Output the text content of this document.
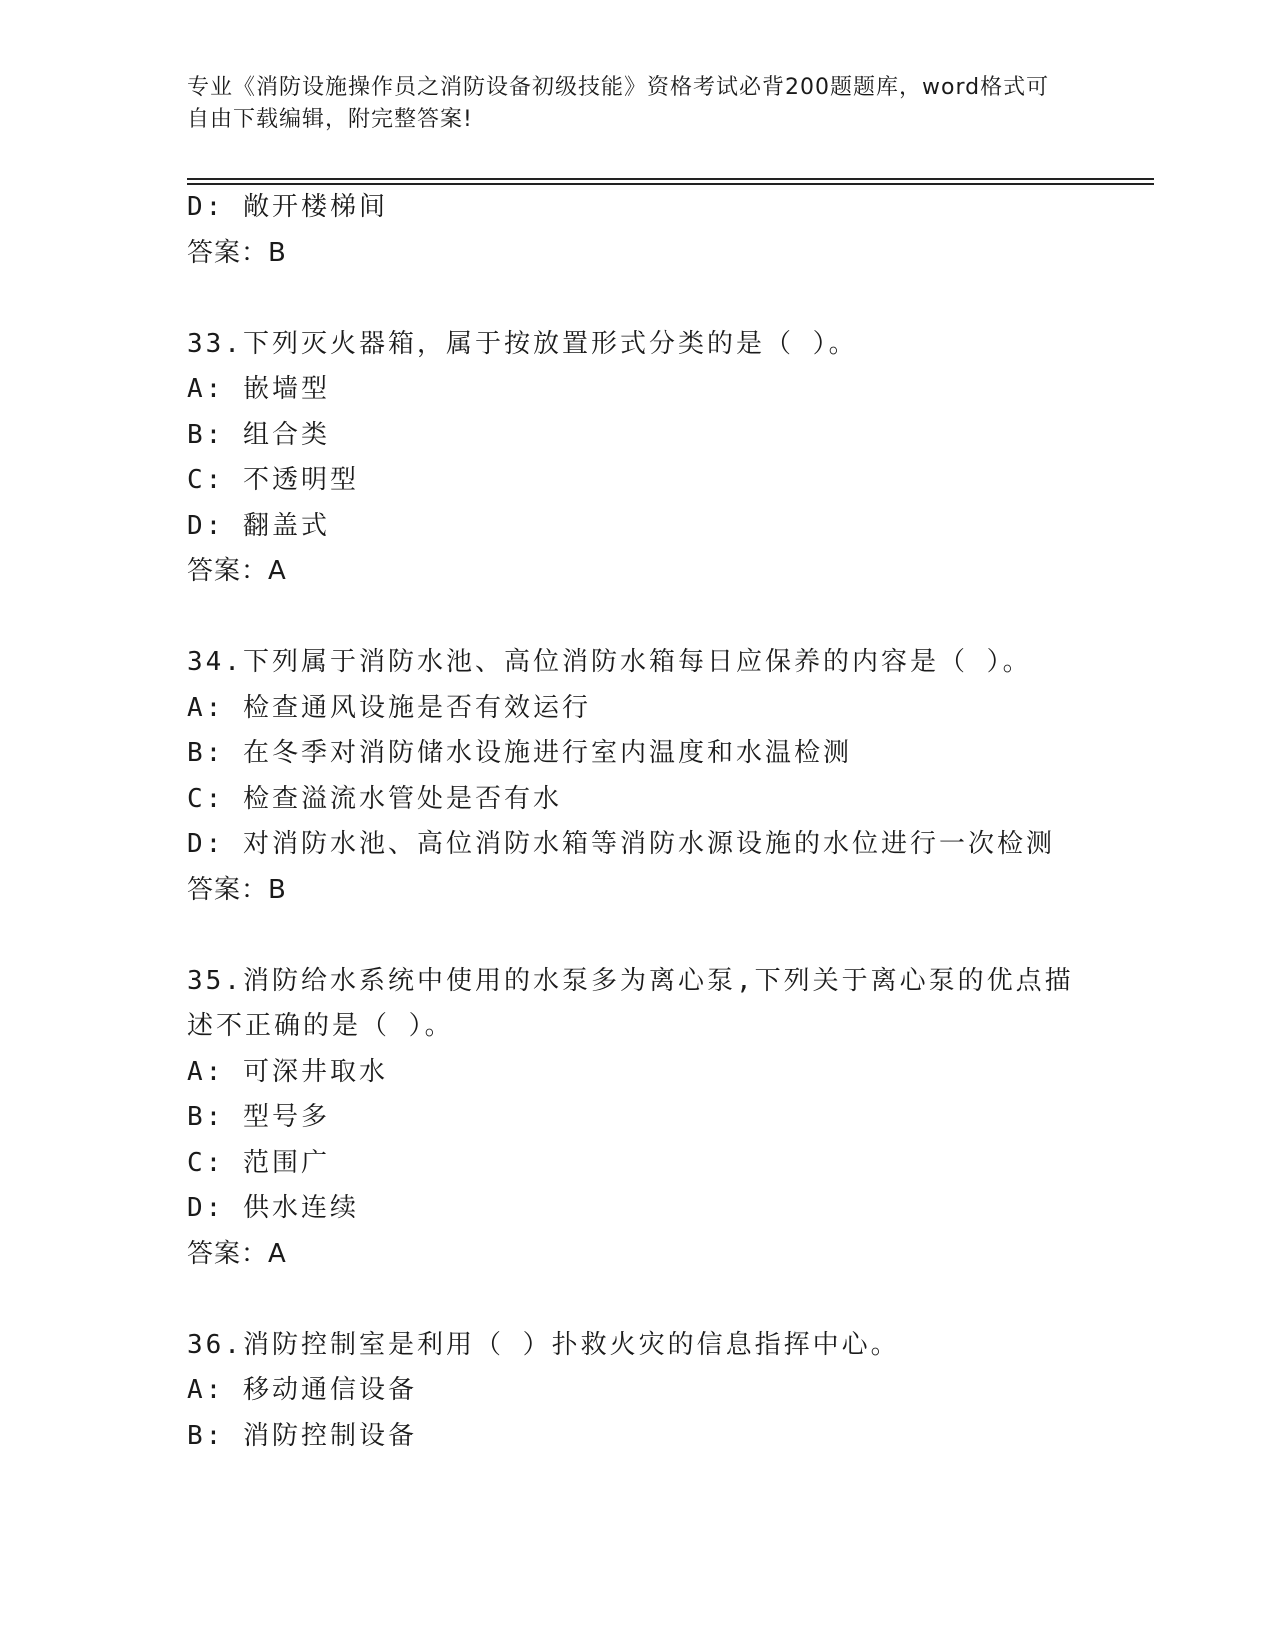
专业《消防设施操作员之消防设备初级技能》资格考试必背200题题库，word格式可自由下载编辑，附完整答案!
D: 敞开楼梯间
答案：B
33.下列灭火器箱，属于按放置形式分类的是（ ）。
A: 嵌墙型
B: 组合类
C: 不透明型
D: 翻盖式
答案：A
34.下列属于消防水池、高位消防水箱每日应保养的内容是（ ）。
A: 检查通风设施是否有效运行
B: 在冬季对消防储水设施进行室内温度和水温检测
C: 检查溢流水管处是否有水
D: 对消防水池、高位消防水箱等消防水源设施的水位进行一次检测
答案：B
35.消防给水系统中使用的水泵多为离心泵,下列关于离心泵的优点描
述不正确的是（ ）。
A: 可深井取水
B: 型号多
C: 范围广
D: 供水连续
答案：A
36.消防控制室是利用（ ）扑救火灾的信息指挥中心。
A: 移动通信设备
B: 消防控制设备
